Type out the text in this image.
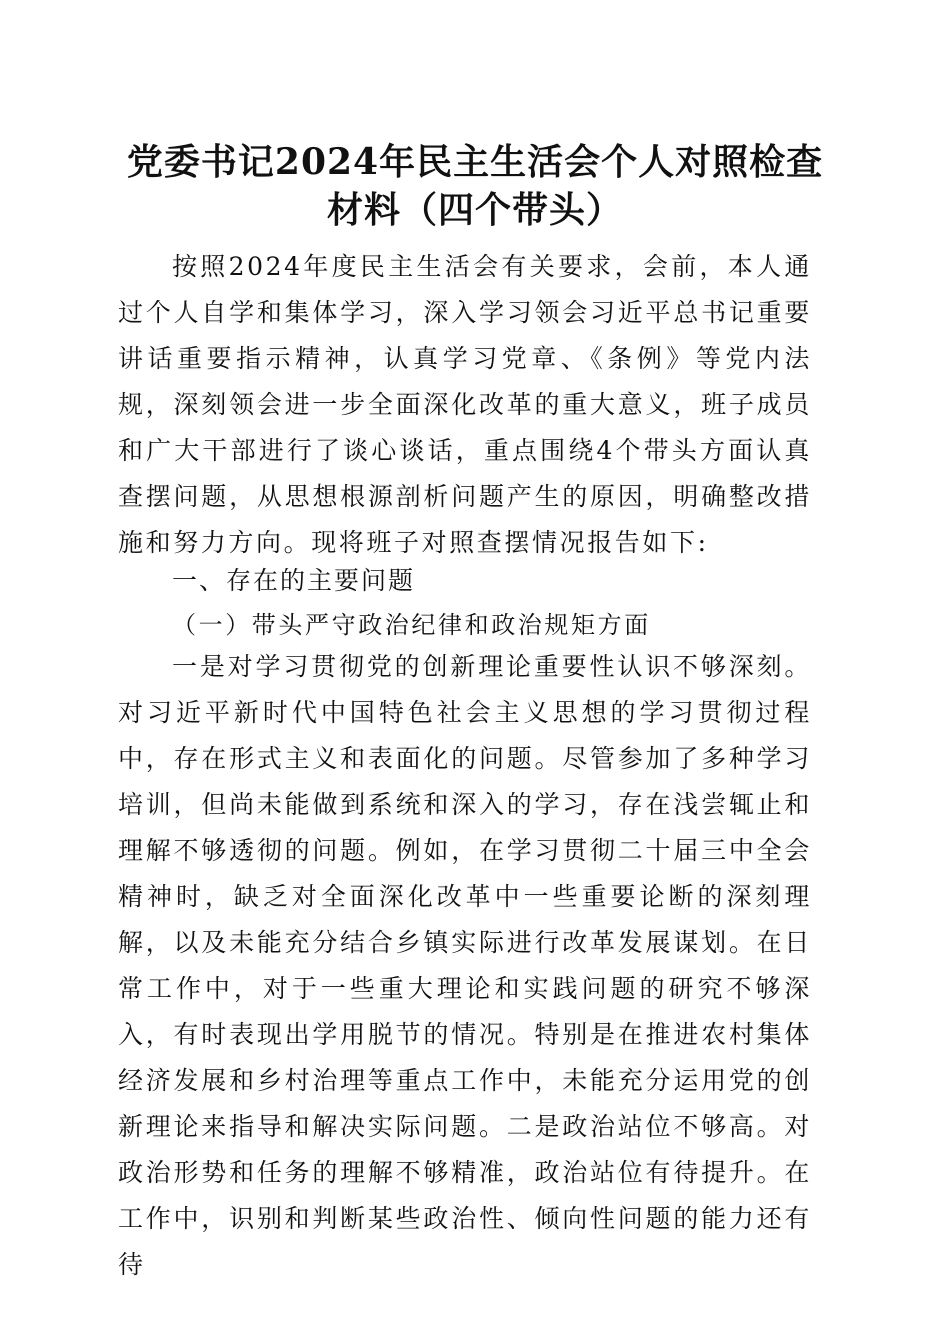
党委书记2024年民主生活会个人对照检查材料（四个带头）
按照2024年度民主生活会有关要求，会前，本人通过个人自学和集体学习，深入学习领会习近平总书记重要讲话重要指示精神，认真学习党章、《条例》等党内法规，深刻领会进一步全面深化改革的重大意义，班子成员和广大干部进行了谈心谈话，重点围绕4个带头方面认真查摆问题，从思想根源剖析问题产生的原因，明确整改措施和努力方向。现将班子对照查摆情况报告如下:
一、存在的主要问题
（一）带头严守政治纪律和政治规矩方面
一是对学习贯彻党的创新理论重要性认识不够深刻。对习近平新时代中国特色社会主义思想的学习贯彻过程中，存在形式主义和表面化的问题。尽管参加了多种学习培训，但尚未能做到系统和深入的学习，存在浅尝辄止和理解不够透彻的问题。例如，在学习贯彻二十届三中全会精神时，缺乏对全面深化改革中一些重要论断的深刻理解，以及未能充分结合乡镇实际进行改革发展谋划。在日常工作中，对于一些重大理论和实践问题的研究不够深入，有时表现出学用脱节的情况。特别是在推进农村集体经济发展和乡村治理等重点工作中，未能充分运用党的创新理论来指导和解决实际问题。二是政治站位不够高。对政治形势和任务的理解不够精准，政治站位有待提升。在工作中，识别和判断某些政治性、倾向性问题的能力还有待
